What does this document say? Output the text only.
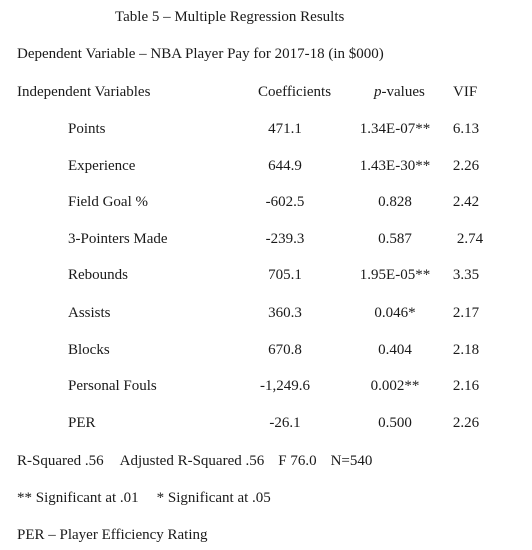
Table 5 – Multiple Regression Results
Dependent Variable – NBA Player Pay for 2017-18 (in $000)
Independent Variables	Coefficients	p-values VIF
Points	471.1	1.34E-07**	6.13
Experience	644.9	1.43E-30**	2.26
Field Goal %	-602.5	0.828	2.42
3-Pointers Made	-239.3	0.587	2.74
Rebounds	705.1	1.95E-05**	3.35
Assists	360.3	0.046*	2.17
Blocks	670.8	0.404	2.18
Personal Fouls	-1,249.6	0.002**	2.16
PER	-26.1	0.500	2.26
R-Squared .56 Adjusted R-Squared .56 F 76.0 N=540
** Significant at .01 * Significant at .05
PER – Player Efficiency Rating
